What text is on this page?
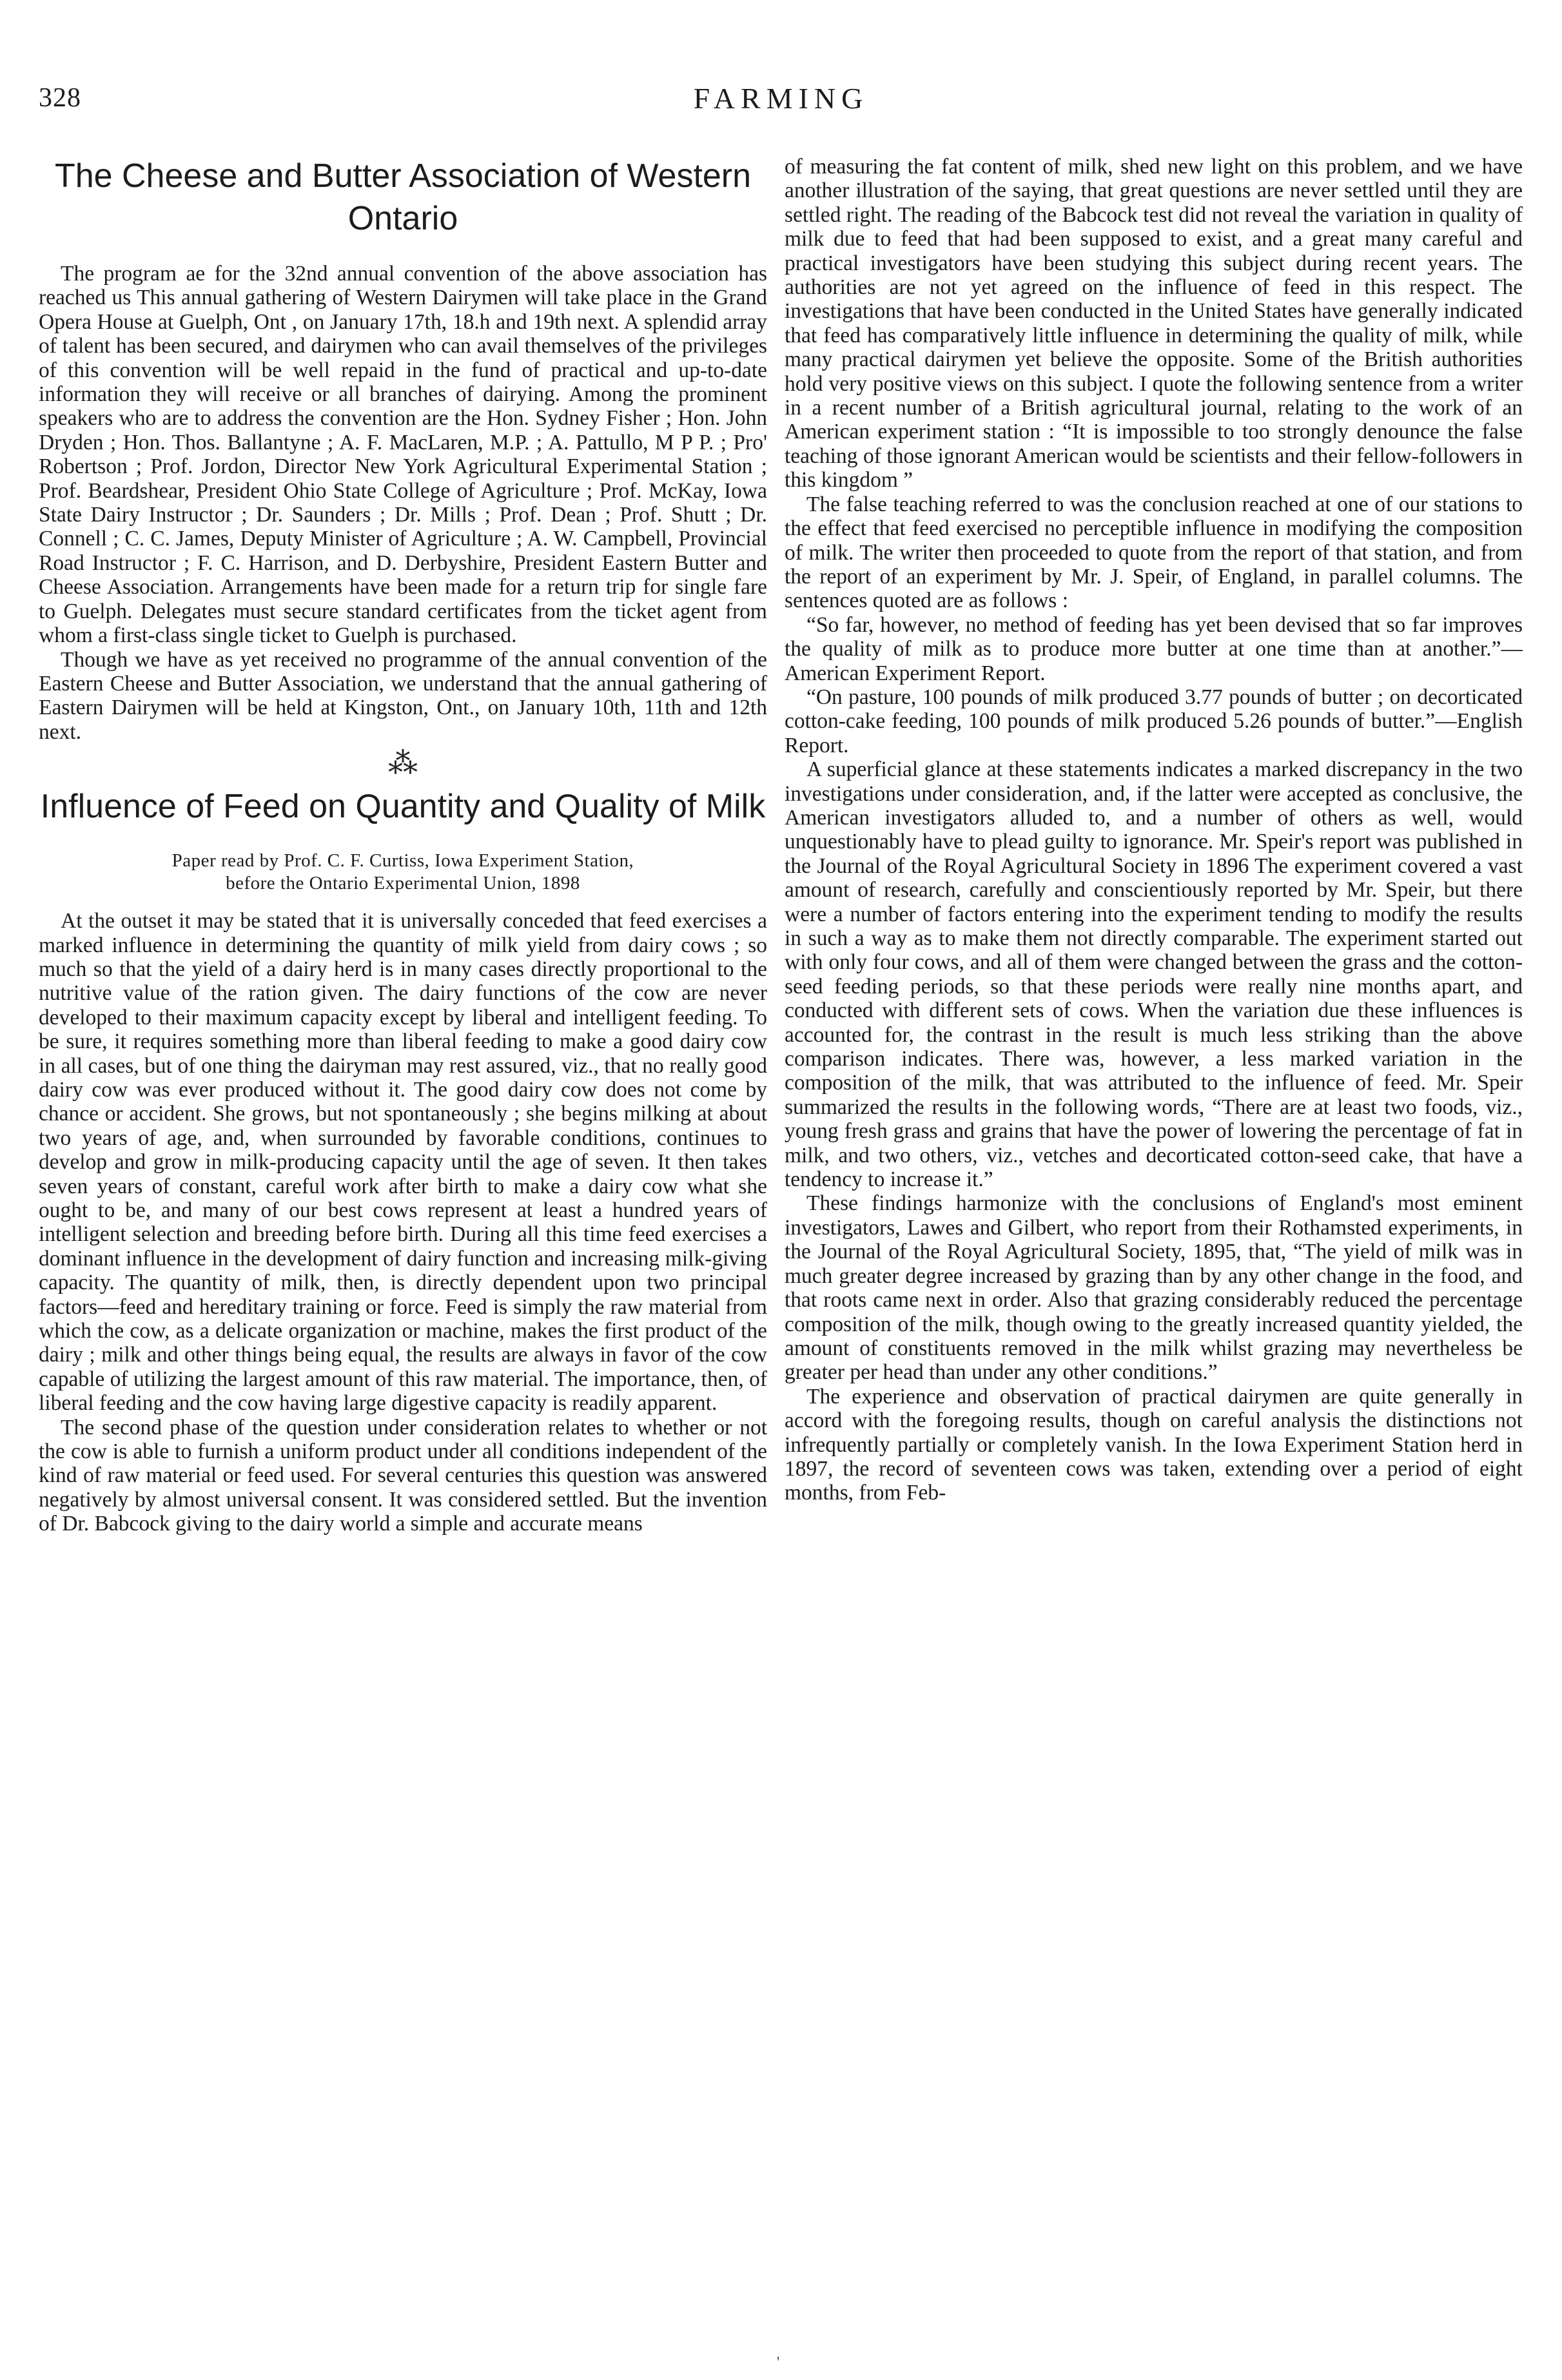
328	FARMING
The Cheese and Butter Association of Western Ontario

The program ae for the 32nd annual convention of the above association has reached us This annual gathering of Western Dairymen will take place in the Grand Opera House at Guelph, Ont , on January 17th, 18.h and 19th next. A splendid array of talent has been secured, and dairymen who can avail themselves of the privileges of this convention will be well repaid in the fund of practical and up-to-date information they will receive or all branches of dairying. Among the prominent speakers who are to address the convention are the Hon. Sydney Fisher ; Hon. John Dryden ; Hon. Thos. Ballantyne ; A. F. MacLaren, M.P. ; A. Pattullo, M P P. ; Pro' Robertson ; Prof. Jordon, Director New York Agricultural Experimental Station ; Prof. Beardshear, President Ohio State College of Agriculture ; Prof. McKay, Iowa State Dairy Instructor ; Dr. Saunders ; Dr. Mills ; Prof. Dean ; Prof. Shutt ; Dr. Connell ; C. C. James, Deputy Minister of Agriculture ; A. W. Campbell, Provincial Road Instructor ; F. C. Harrison, and D. Derbyshire, President Eastern Butter and Cheese Association. Arrangements have been made for a return trip for single fare to Guelph. Delegates must secure standard certificates from the ticket agent from whom a first-class single ticket to Guelph is purchased.

Though we have as yet received no programme of the annual convention of the Eastern Cheese and Butter Association, we understand that the annual gathering of Eastern Dairymen will be held at Kingston, Ont., on January 10th, 11th and 12th next.

⁂
Influence of Feed on Quantity and Quality of Milk
Paper read by Prof. C. F. Curtiss, Iowa Experiment Station,
before the Ontario Experimental Union, 1898

At the outset it may be stated that it is universally conceded that feed exercises a marked influence in determining the quantity of milk yield from dairy cows ; so much so that the yield of a dairy herd is in many cases directly proportional to the nutritive value of the ration given. The dairy functions of the cow are never developed to their maximum capacity except by liberal and intelligent feeding. To be sure, it requires something more than liberal feeding to make a good dairy cow in all cases, but of one thing the dairyman may rest assured, viz., that no really good dairy cow was ever produced without it. The good dairy cow does not come by chance or accident. She grows, but not spontaneously ; she begins milking at about two years of age, and, when surrounded by favorable conditions, continues to develop and grow in milk-producing capacity until the age of seven. It then takes seven years of constant, careful work after birth to make a dairy cow what she ought to be, and many of our best cows represent at least a hundred years of intelligent selection and breeding before birth. During all this time feed exercises a dominant influence in the development of dairy function and increasing milk-giving capacity. The quantity of milk, then, is directly dependent upon two principal factors—feed and hereditary training or force. Feed is simply the raw material from which the cow, as a delicate organization or machine, makes the first product of the dairy ; milk and other things being equal, the results are always in favor of the cow capable of utilizing the largest amount of this raw material. The importance, then, of liberal feeding and the cow having large digestive capacity is readily apparent.

The second phase of the question under consideration relates to whether or not the cow is able to furnish a uniform product under all conditions independent of the kind of raw material or feed used. For several centuries this question was answered negatively by almost universal consent. It was considered settled. But the invention of Dr. Babcock giving to the dairy world a simple and accurate means

of measuring the fat content of milk, shed new light on this problem, and we have another illustration of the saying, that great questions are never settled until they are settled right. The reading of the Babcock test did not reveal the variation in quality of milk due to feed that had been supposed to exist, and a great many careful and practical investigators have been studying this subject during recent years. The authorities are not yet agreed on the influence of feed in this respect. The investigations that have been conducted in the United States have generally indicated that feed has comparatively little influence in determining the quality of milk, while many practical dairymen yet believe the opposite. Some of the British authorities hold very positive views on this subject. I quote the following sentence from a writer in a recent number of a British agricultural journal, relating to the work of an American experiment station : “It is impossible to too strongly denounce the false teaching of those ignorant American would be scientists and their fellow-followers in this kingdom ”

The false teaching referred to was the conclusion reached at one of our stations to the effect that feed exercised no perceptible influence in modifying the composition of milk. The writer then proceeded to quote from the report of that station, and from the report of an experiment by Mr. J. Speir, of England, in parallel columns. The sentences quoted are as follows :

“So far, however, no method of feeding has yet been devised that so far improves the quality of milk as to produce more butter at one time than at another.”—American Experiment Report.

“On pasture, 100 pounds of milk produced 3.77 pounds of butter ; on decorticated cotton-cake feeding, 100 pounds of milk produced 5.26 pounds of butter.”—English Report.

A superficial glance at these statements indicates a marked discrepancy in the two investigations under consideration, and, if the latter were accepted as conclusive, the American investigators alluded to, and a number of others as well, would unquestionably have to plead guilty to ignorance. Mr. Speir's report was published in the Journal of the Royal Agricultural Society in 1896 The experiment covered a vast amount of research, carefully and conscientiously reported by Mr. Speir, but there were a number of factors entering into the experiment tending to modify the results in such a way as to make them not directly comparable. The experiment started out with only four cows, and all of them were changed between the grass and the cotton-seed feeding periods, so that these periods were really nine months apart, and conducted with different sets of cows. When the variation due these influences is accounted for, the contrast in the result is much less striking than the above comparison indicates. There was, however, a less marked variation in the composition of the milk, that was attributed to the influence of feed. Mr. Speir summarized the results in the following words, “There are at least two foods, viz., young fresh grass and grains that have the power of lowering the percentage of fat in milk, and two others, viz., vetches and decorticated cotton-seed cake, that have a tendency to increase it.”

These findings harmonize with the conclusions of England's most eminent investigators, Lawes and Gilbert, who report from their Rothamsted experiments, in the Journal of the Royal Agricultural Society, 1895, that, “The yield of milk was in much greater degree increased by grazing than by any other change in the food, and that roots came next in order. Also that grazing considerably reduced the percentage composition of the milk, though owing to the greatly increased quantity yielded, the amount of constituents removed in the milk whilst grazing may nevertheless be greater per head than under any other conditions.”

The experience and observation of practical dairymen are quite generally in accord with the foregoing results, though on careful analysis the distinctions not infrequently partially or completely vanish. In the Iowa Experiment Station herd in 1897, the record of seventeen cows was taken, extending over a period of eight months, from Feb-

'
